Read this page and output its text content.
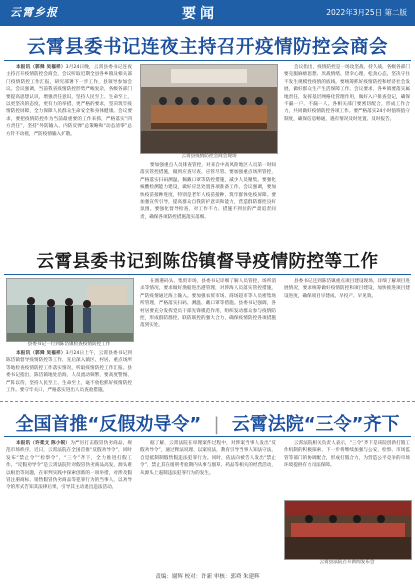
云霄乡报	要闻	2022年3月25日 第二版
云霄县委书记连夜主持召开疫情防控会商会

本报讯（郭舜 吴福祥）3月24日晚，云霄县委书记连夜主持召开疫情防控会商会，会议听取近期全县各乡镇及相关部门疫情防控工作汇报，研究部署下一步工作，县领导参加会议。会议强调，当前我省疫情防控形势严峻复杂，各级各部门要提高思想认识，增强责任意识，坚持人民至上、生命至上，以更坚决的态度、更有力的举措、更严格的要求，坚决筑牢疫情防控屏障，全力保障人民群众生命安全和身体健康。会议要求，要把疫情防控作为当前最重要的工作来抓，严格落实“四方责任”，坚持“外防输入、内防反弹”总策略和“动态清零”总方针不动摇，严防疫情输入扩散。

云霄县疫情防控会商会现场

要加强重点人员排查管控，对来自中高风险地区人员第一时间落实管控措施，做到应查尽查、应管尽管。要加强重点场所管控，严格落实扫码测温、佩戴口罩等防控措施，减少人员聚集。要强化核酸检测能力建设，做好应急处置各项准备工作。会议强调，要加快疫苗接种进度，特别是老年人疫苗接种，筑牢群体免疫屏障。要加强宣传引导，提高群众自我防护意识和能力，营造群防群控良好氛围。要强化督导检查，对工作不力、措施不到位的严肃追责问责，确保各项防控措施落实落细。

会议指出，疫情防控是一场攻坚战、持久战，各级各部门要克服麻痹思想、厌战情绪、侥幸心理、松劲心态，坚决守住不发生规模性疫情的底线。要统筹抓好疫情防控和经济社会发展，做好群众生产生活保障工作。会议要求，各乡镇要落实属地责任，发挥基层网格化管理作用，做好入户排查登记，确保不漏一户、不漏一人。各相关部门要密切配合，形成工作合力，共同做好疫情防控各项工作。要严格落实24小时值班值守制度，确保信息畅通，遇有情况及时处置、及时报告。

云霄县委书记到陈岱镇督导疫情防控等工作
县委书记一行到陈岱镇检查疫情防控工作

本报讯（郭舜 吴福祥）3月24日上午，云霄县委书记到陈岱镇督导疫情防控等工作，先后深入镇区、村居、重点场所等地检查疫情防控工作落实情况，听取疫情防控工作汇报。县委书记指出，陈岱镇地处沿海，人员流动频繁，要高度警惕、严阵以待，坚持人民至上、生命至上，毫不放松抓好疫情防控工作。要守牢关口，严格落实进出人员查验措施。

在渔港码头、集贸市场，县委书记详细了解人员管控、场所消杀等情况，要求做好渔船进出港管理，对涉海人员落实管控措施，严防疫情通过海上输入。要加强农贸市场、商场超市等人员密集场所管理，严格落实扫码、测温、戴口罩等措施。县委书记强调，各村居要充分发挥党员干部先锋模范作用，组织发动群众参与疫情防控，形成群防群控、联防联控的强大合力，确保疫情防控各项措施落到实处。

县委书记还到陈岱镇重点项目建设现场，详细了解项目进展情况，要求统筹做好疫情防控和项目建设，加快推进项目建设进度，确保项目早建成、早投产、早见效。

全国首推“反假劝导令” | 云霄法院“三令”齐下

本报讯（许柔文 陈小锐）为严厉打击假冒伪劣商品，规范市场秩序，近日，云霄法院在全国首推“反假劝导令”，同时发布“禁止令”“检察令”，“三令”齐下，全力推进打假工作。“反假劝导令”是云霄法院针对假冒伪劣商品高发、源头难以根治等问题，在审判实践中探索创新的一项举措，对涉及假冒注册商标、销售假冒伪劣商品等犯罪行为的当事人，以劝导令的形式告知其法律后果，引导其主动退出违法活动。

据了解，云霄法院在审理案件过程中，对涉案当事人发出“反假劝导令”，通过释法说理、以案说法，教育引导当事人知法守法，自觉抵制制假售假违法犯罪行为。同时，依法向被告人发出“禁止令”，禁止其在缓刑考验期内从事与烟草、药品等相关的经营活动，从源头上遏制违法犯罪行为的发生。

云霄法院相关负责人表示，“三令”齐下是该院创新打假工作机制的积极探索，下一步将继续加强与公安、检察、市场监管等部门的协调配合，形成打假合力，为营造公平竞争的市场环境提供有力司法保障。

云霄县法院召开新闻发布会
责编：谢辉 校对：许新 审核：郭舜 朱建辉
